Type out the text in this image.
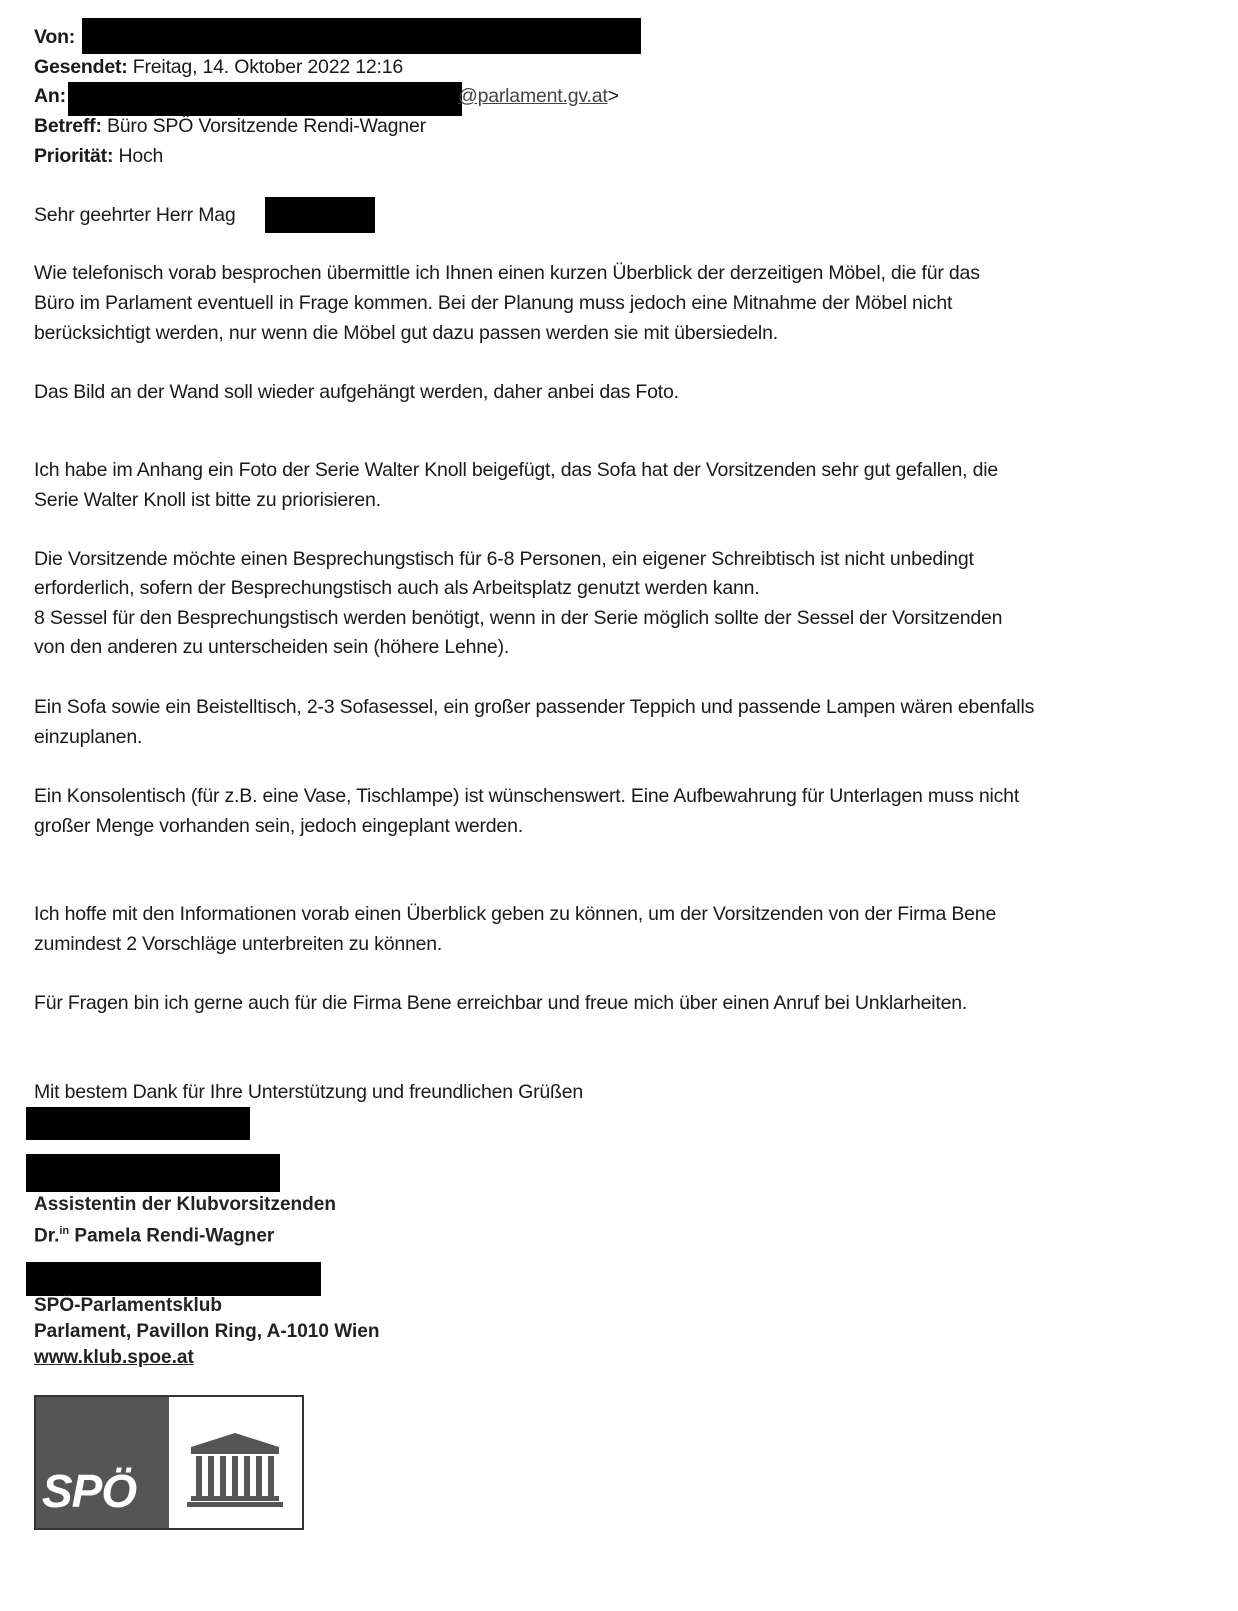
Von:
Gesendet: Freitag, 14. Oktober 2022 12:16
An:	@parlament.gv.at>
Betreff: Büro SPÖ Vorsitzende Rendi-Wagner
Priorität: Hoch
Sehr geehrter Herr Mag
Wie telefonisch vorab besprochen übermittle ich Ihnen einen kurzen Überblick der derzeitigen Möbel, die für das
Büro im Parlament eventuell in Frage kommen. Bei der Planung muss jedoch eine Mitnahme der Möbel nicht
berücksichtigt werden, nur wenn die Möbel gut dazu passen werden sie mit übersiedeln.
Das Bild an der Wand soll wieder aufgehängt werden, daher anbei das Foto.
Ich habe im Anhang ein Foto der Serie Walter Knoll beigefügt, das Sofa hat der Vorsitzenden sehr gut gefallen, die
Serie Walter Knoll ist bitte zu priorisieren.
Die Vorsitzende möchte einen Besprechungstisch für 6-8 Personen, ein eigener Schreibtisch ist nicht unbedingt
erforderlich, sofern der Besprechungstisch auch als Arbeitsplatz genutzt werden kann.
8 Sessel für den Besprechungstisch werden benötigt, wenn in der Serie möglich sollte der Sessel der Vorsitzenden
von den anderen zu unterscheiden sein (höhere Lehne).
Ein Sofa sowie ein Beistelltisch, 2-3 Sofasessel, ein großer passender Teppich und passende Lampen wären ebenfalls
einzuplanen.
Ein Konsolentisch (für z.B. eine Vase, Tischlampe) ist wünschenswert. Eine Aufbewahrung für Unterlagen muss nicht
großer Menge vorhanden sein, jedoch eingeplant werden.
Ich hoffe mit den Informationen vorab einen Überblick geben zu können, um der Vorsitzenden von der Firma Bene
zumindest 2 Vorschläge unterbreiten zu können.
Für Fragen bin ich gerne auch für die Firma Bene erreichbar und freue mich über einen Anruf bei Unklarheiten.
Mit bestem Dank für Ihre Unterstützung und freundlichen Grüßen
Assistentin der Klubvorsitzenden
Dr.$^{in}$ Pamela Rendi-Wagner
SPÖ-Parlamentsklub
Parlament, Pavillon Ring, A-1010 Wien
www.klub.spoe.at
SPÖ
